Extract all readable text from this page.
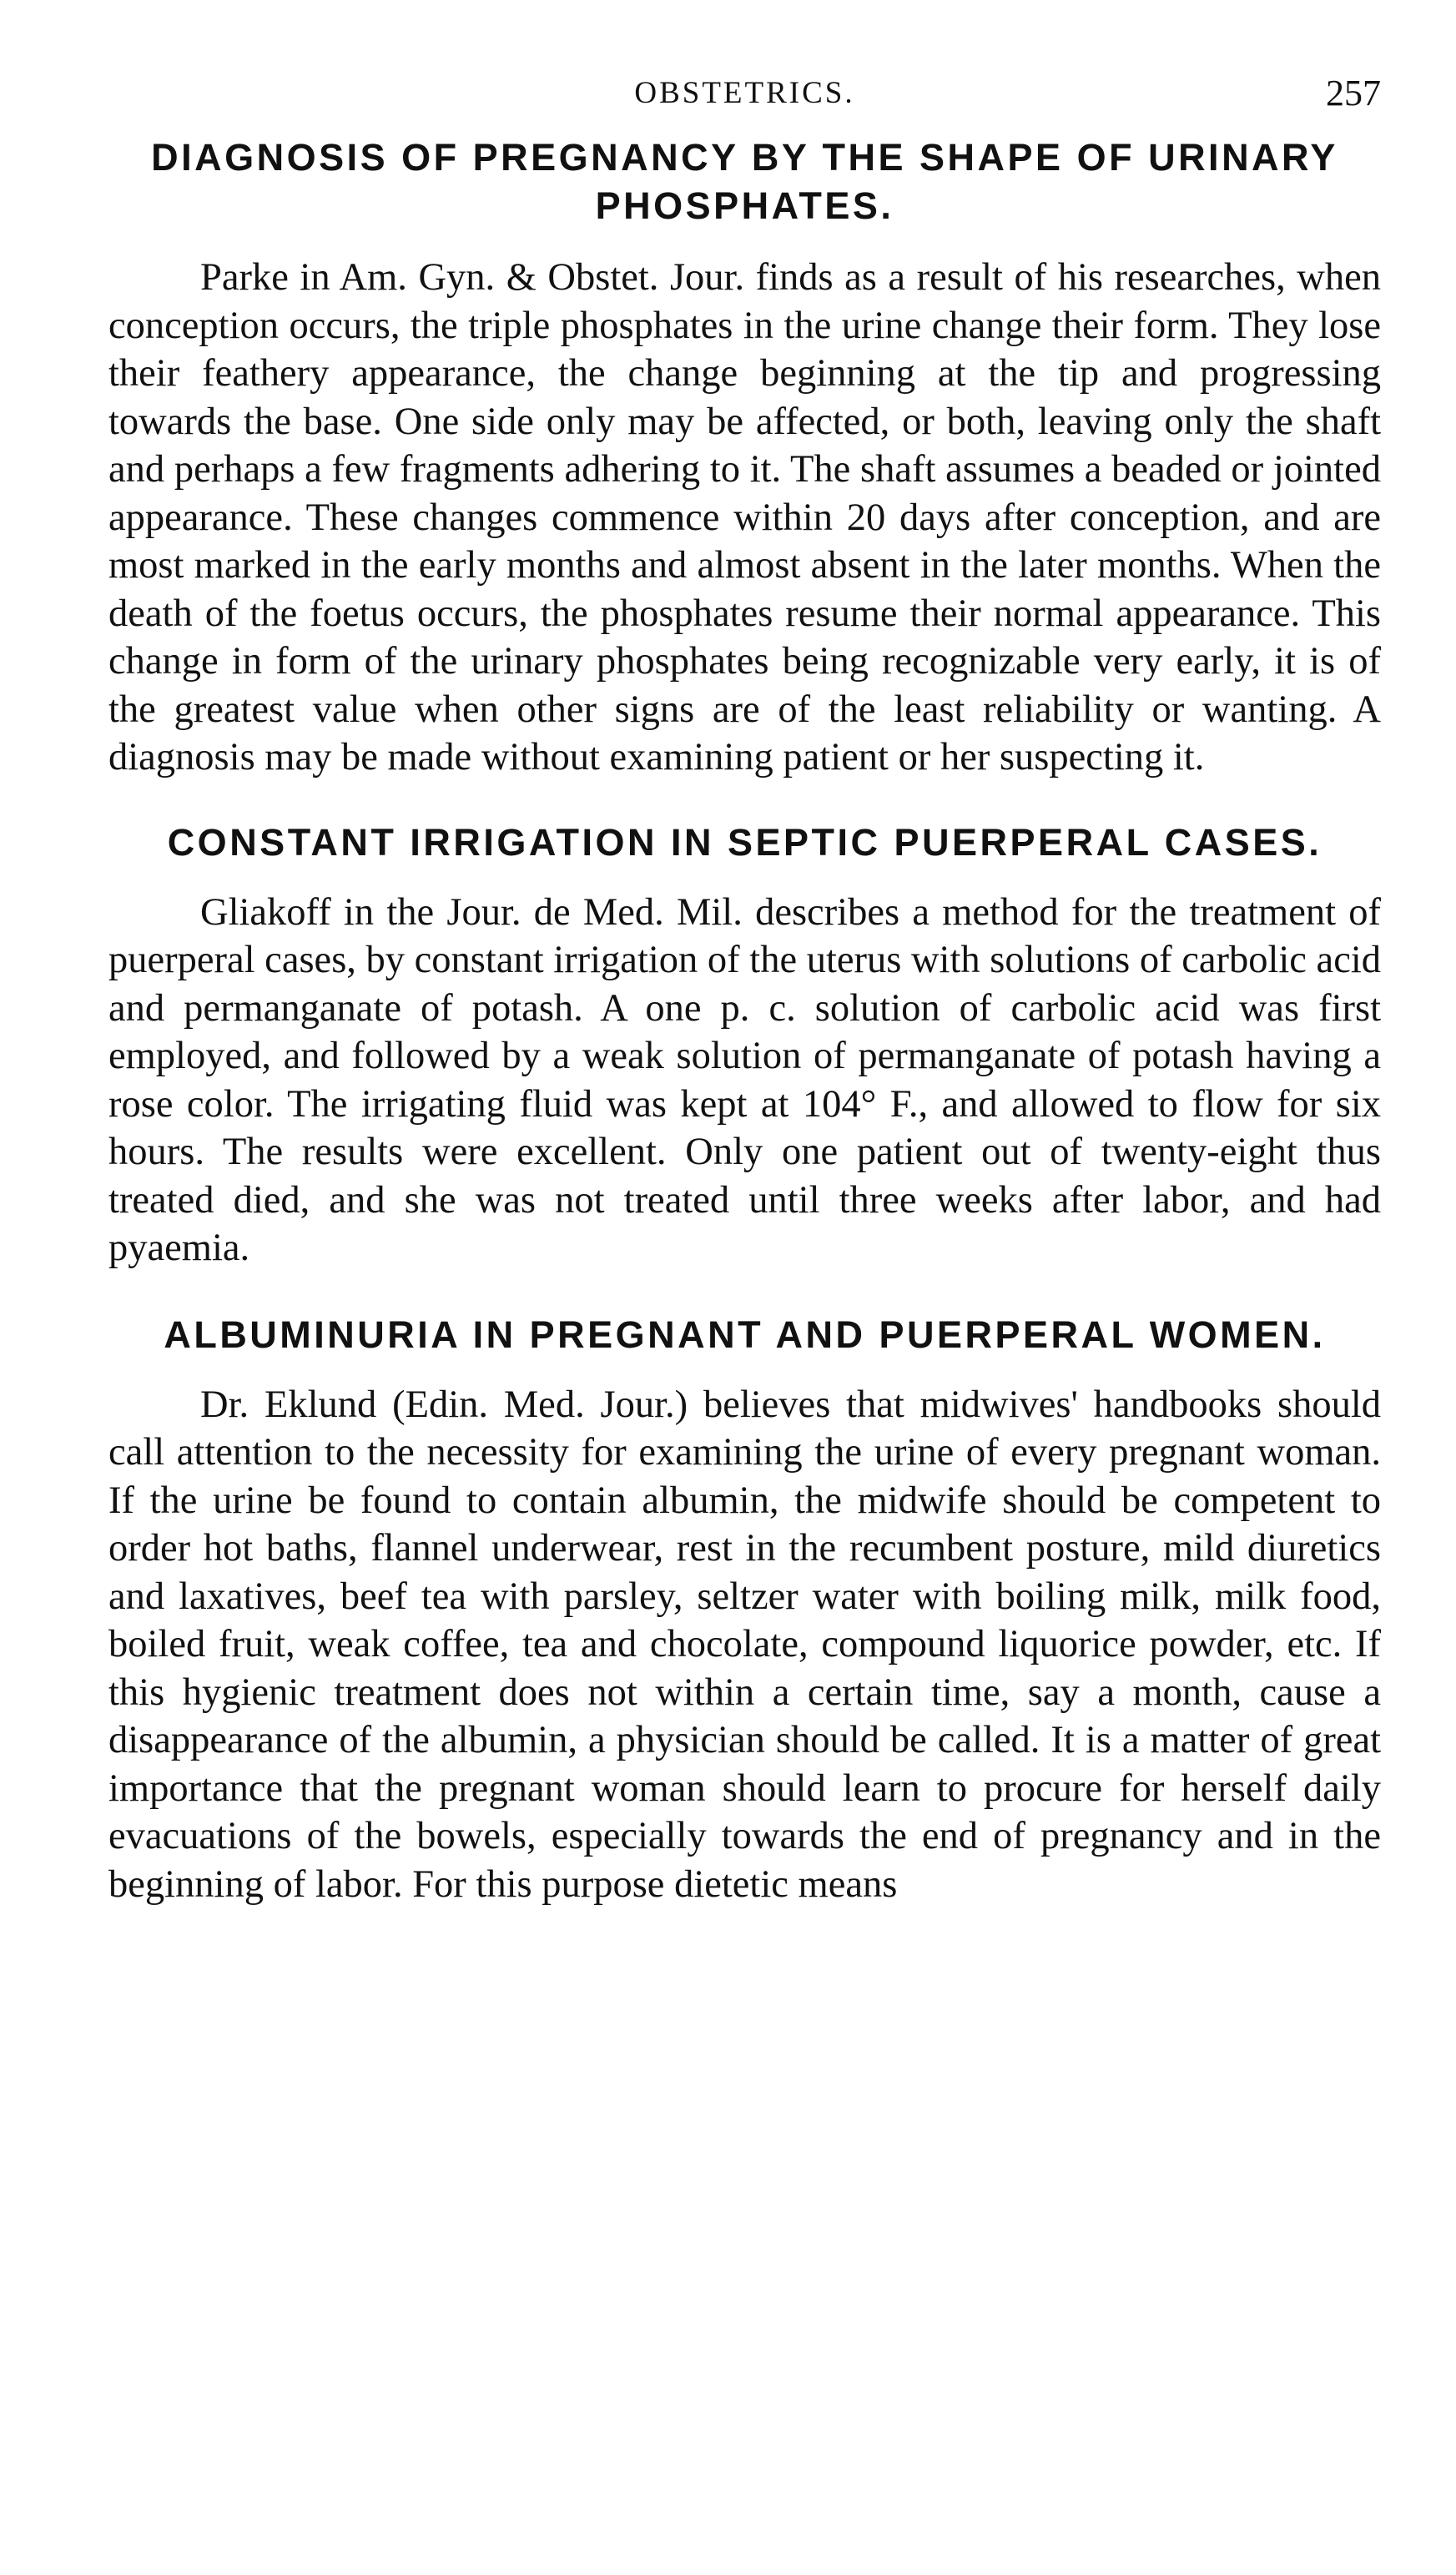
OBSTETRICS.	257
DIAGNOSIS OF PREGNANCY BY THE SHAPE OF URINARY PHOSPHATES.

Parke in Am. Gyn. & Obstet. Jour. finds as a result of his researches, when conception occurs, the triple phosphates in the urine change their form. They lose their feathery appearance, the change beginning at the tip and progressing towards the base. One side only may be affected, or both, leaving only the shaft and perhaps a few fragments adhering to it. The shaft assumes a beaded or jointed appearance. These changes commence within 20 days after conception, and are most marked in the early months and almost absent in the later months. When the death of the foetus occurs, the phosphates resume their normal appearance. This change in form of the urinary phosphates being recognizable very early, it is of the greatest value when other signs are of the least reliability or wanting. A diagnosis may be made without examining patient or her suspecting it.

CONSTANT IRRIGATION IN SEPTIC PUERPERAL CASES.

Gliakoff in the Jour. de Med. Mil. describes a method for the treatment of puerperal cases, by constant irrigation of the uterus with solutions of carbolic acid and permanganate of potash. A one p. c. solution of carbolic acid was first employed, and followed by a weak solution of permanganate of potash having a rose color. The irrigating fluid was kept at 104° F., and allowed to flow for six hours. The results were excellent. Only one patient out of twenty-eight thus treated died, and she was not treated until three weeks after labor, and had pyaemia.

ALBUMINURIA IN PREGNANT AND PUERPERAL WOMEN.

Dr. Eklund (Edin. Med. Jour.) believes that midwives' handbooks should call attention to the necessity for examining the urine of every pregnant woman. If the urine be found to contain albumin, the midwife should be competent to order hot baths, flannel underwear, rest in the recumbent posture, mild diuretics and laxatives, beef tea with parsley, seltzer water with boiling milk, milk food, boiled fruit, weak coffee, tea and chocolate, compound liquorice powder, etc. If this hygienic treatment does not within a certain time, say a month, cause a disappearance of the albumin, a physician should be called. It is a matter of great importance that the pregnant woman should learn to procure for herself daily evacuations of the bowels, especially towards the end of pregnancy and in the beginning of labor. For this purpose dietetic means
